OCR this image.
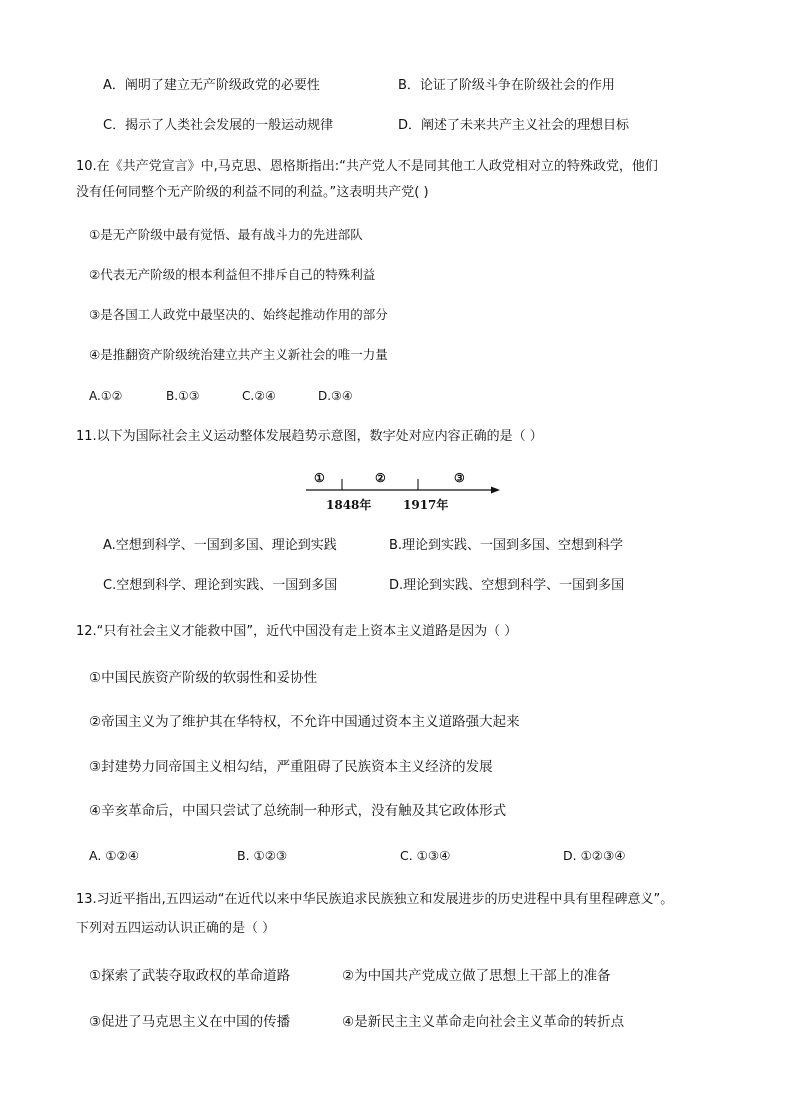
A．阐明了建立无产阶级政党的必要性	B．论证了阶级斗争在阶级社会的作用
C．揭示了人类社会发展的一般运动规律	D．阐述了未来共产主义社会的理想目标
10.在《共产党宣言》中,马克思、恩格斯指出:“共产党人不是同其他工人政党相对立的特殊政党，他们
没有任何同整个无产阶级的利益不同的利益。”这表明共产党( )
①是无产阶级中最有觉悟、最有战斗力的先进部队
②代表无产阶级的根本利益但不排斥自己的特殊利益
③是各国工人政党中最坚决的、始终起推动作用的部分
④是推翻资产阶级统治建立共产主义新社会的唯一力量
A.①②	B.①③	C.②④	D.③④
11.以下为国际社会主义运动整体发展趋势示意图，数字处对应内容正确的是（ ）
①	②	③
1848年	1917年
A.空想到科学、一国到多国、理论到实践	B.理论到实践、一国到多国、空想到科学
C.空想到科学、理论到实践、一国到多国	D.理论到实践、空想到科学、一国到多国
12.“只有社会主义才能救中国”，近代中国没有走上资本主义道路是因为（ ）
①中国民族资产阶级的软弱性和妥协性
②帝国主义为了维护其在华特权，不允许中国通过资本主义道路强大起来
③封建势力同帝国主义相勾结，严重阻碍了民族资本主义经济的发展
④辛亥革命后，中国只尝试了总统制一种形式，没有触及其它政体形式
A. ①②④	B. ①②③	C. ①③④	D. ①②③④
13.习近平指出,五四运动“在近代以来中华民族追求民族独立和发展进步的历史进程中具有里程碑意义”。
下列对五四运动认识正确的是（ ）
①探索了武装夺取政权的革命道路	②为中国共产党成立做了思想上干部上的准备
③促进了马克思主义在中国的传播	④是新民主主义革命走向社会主义革命的转折点
